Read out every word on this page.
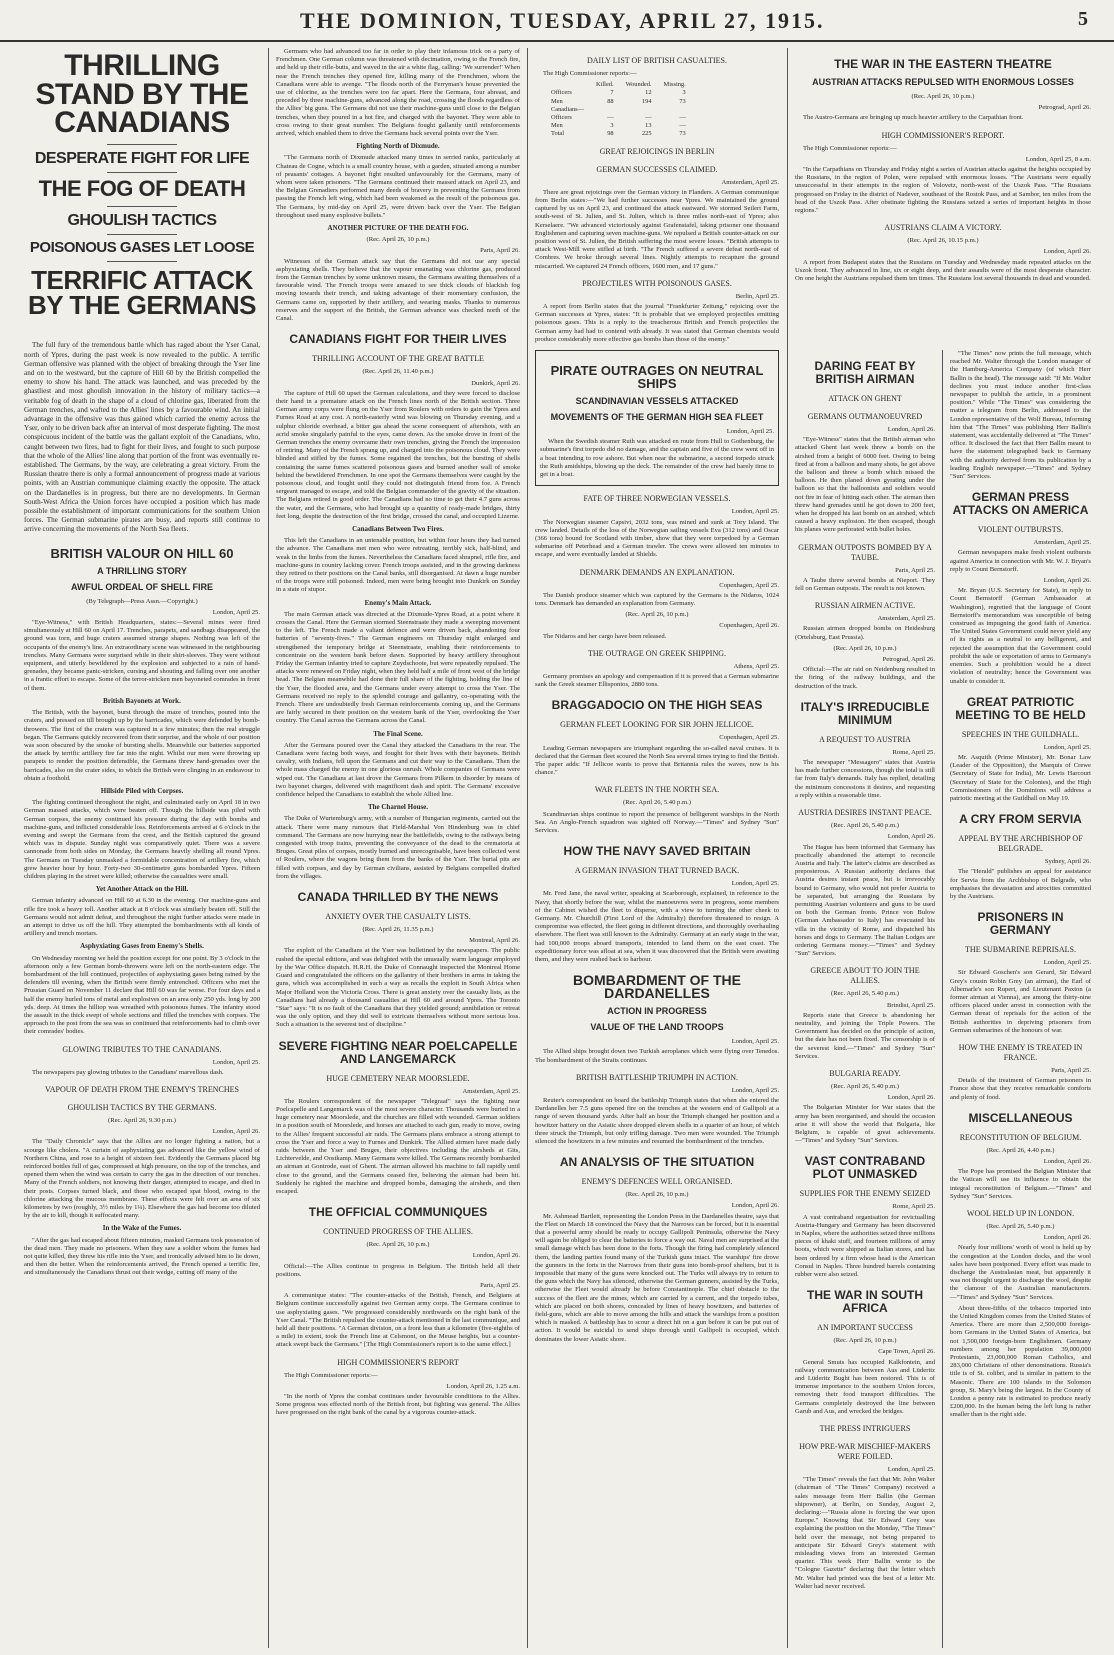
THE DOMINION, TUESDAY, APRIL 27, 1915.	5
THRILLING STAND BY THE CANADIANS
DESPERATE FIGHT FOR LIFE
THE FOG OF DEATH
GHOULISH TACTICS
POISONOUS GASES LET LOOSE
TERRIFIC ATTACK BY THE GERMANS

The full fury of the tremendous battle which has raged about the Yser Canal, north of Ypres, during the past week is now revealed to the public. A terrific German offensive was planned with the object of breaking through the Yser line and on to the westward, but the capture of Hill 60 by the British compelled the enemy to show his hand. The attack was launched, and was preceded by the ghastliest and most ghoulish innovation in the history of military tactics—a veritable fog of death in the shape of a cloud of chlorine gas, liberated from the German trenches, and wafted to the Allies' lines by a favourable wind. An initial advantage in the offensive was thus gained which carried the enemy across the Yser, only to be driven back after an interval of most desperate fighting. The most conspicuous incident of the battle was the gallant exploit of the Canadians, who, caught between two fires, had to fight for their lives, and fought to such purpose that the whole of the Allies' line along that portion of the front was eventually re-established. The Germans, by the way, are celebrating a great victory. From the Russian theatre there is only a formal announcement of progress made at various points, with an Austrian communique claiming exactly the opposite. The attack on the Dardanelles is in progress, but there are no developments. In German South-West Africa the Union forces have occupied a position which has made possible the establishment of important communications for the southern Union forces. The German submarine pirates are busy, and reports still continue to arrive concerning the movements of the North Sea fleets.

BRITISH VALOUR ON HILL 60
A THRILLING STORY
AWFUL ORDEAL OF SHELL FIRE
(By Telegraph—Press Assn.—Copyright.)
London, April 25.

"Eye-Witness," with British Headquarters, states:—Several mines were fired simultaneously at Hill 60 on April 17. Trenches, parapets, and sandbags disappeared, the ground was torn, and huge craters assumed strange shapes. Nothing was left of the occupants of the enemy's line. An extraordinary scene was witnessed in the neighbouring trenches. Many Germans were surprised while in their shirt-sleeves. They were without equipment, and utterly bewildered by the explosion and subjected to a rain of hand-grenades, they became panic-stricken, cursing and shouting and falling over one another in a frantic effort to escape. Some of the terror-stricken men bayoneted comrades in front of them.

British Bayonets at Work.

The British, with the bayonet, burst through the maze of trenches, poured into the craters, and pressed on till brought up by the barricades, which were defended by bomb-throwers. The first of the craters was captured in a few minutes; then the real struggle began. The Germans quickly recovered from their surprise, and the whole of our position was soon obscured by the smoke of bursting shells. Meanwhile our batteries supported the attack by terrific artillery fire far into the night. Whilst our men were throwing up parapets to render the position defensible, the Germans threw hand-grenades over the barricades, also on the crater sides, to which the British were clinging in an endeavour to obtain a foothold.

Hillside Piled with Corpses.

The fighting continued throughout the night, and culminated early on April 18 in two German massed attacks, which were beaten off. Though the hillside was piled with German corpses, the enemy continued his pressure during the day with bombs and machine-guns, and inflicted considerable loss. Reinforcements arrived at 6 o'clock in the evening and swept the Germans from the crest, and the British captured the ground which was in dispute. Sunday night was comparatively quiet. There was a severe cannonade from both sides on Monday, the Germans heavily shelling all round Ypres. The Germans on Tuesday unmasked a formidable concentration of artillery fire, which grew heavier hour by hour. Forty-two 30-centimetre guns bombarded Ypres. Fifteen children playing in the street were killed; otherwise the casualties were small.

Yet Another Attack on the Hill.

German infantry advanced on Hill 60 at 6.30 in the evening. Our machine-guns and rifle fire took a heavy toll. Another attack at 8 o'clock was similarly beaten off. Still the Germans would not admit defeat, and throughout the night further attacks were made in an attempt to drive us off the hill. They attempted the bombardments with all kinds of artillery and trench mortars.

Asphyxiating Gases from Enemy's Shells.

On Wednesday morning we held the position except for one point. By 3 o'clock in the afternoon only a few German bomb-throwers were left on the north-eastern edge. The bombardment of the hill continued, projectiles of asphyxiating gases being rained by the defenders till evening, when the British were firmly entrenched. Officers who met the Prussian Guard on November 11 declare that Hill 60 was far worse. For four days and a half the enemy hurled tons of metal and explosives on an area only 250 yds. long by 200 yds. deep. At times the hilltop was wreathed with poisonous fumes. The infantry stood the assault in the thick swept of whole sections and filled the trenches with corpses. The approach to the post from the sea was so continued that reinforcements had to climb over their comrades' bodies.

GLOWING TRIBUTES TO THE CANADIANS.
London, April 25.

The newspapers pay glowing tributes to the Canadians' marvellous dash.

VAPOUR OF DEATH FROM THE ENEMY'S TRENCHES
GHOULISH TACTICS BY THE GERMANS.
(Rec. April 26, 9.30 p.m.)
London, April 26.

The "Daily Chronicle" says that the Allies are no longer fighting a nation, but a scourge like cholera. "A curtain of asphyxiating gas advanced like the yellow wind of Northern China, and rose to a height of sixteen feet. Evidently the Germans placed big reinforced bottles full of gas, compressed at high pressure, on the top of the trenches, and opened them when the wind was certain to carry the gas in the direction of our trenches. Many of the French soldiers, not knowing their danger, attempted to escape, and died in their posts. Corpses turned black, and those who escaped spat blood, owing to the chlorine attacking the mucous membrane. These effects were felt over an area of six kilometres by two (roughly, 3½ miles by 1¼). Elsewhere the gas had become too diluted by the air to kill, though it suffocated many.

In the Wake of the Fumes.

"After the gas had escaped about fifteen minutes, masked Germans took possession of the dead men. They made no prisoners. When they saw a soldier whom the fumes had not quite killed, they threw his rifle into the Yser, and ironically advised him to lie down, and then die better. When the reinforcements arrived, the French opened a terrific fire, and simultaneously the Canadians thrust out their wedge, cutting off many of the

Germans who had advanced too far in order to play their infamous trick on a party of Frenchmen. One German column was threatened with decimation, owing to the French fire, and held up their rifle-butts, and waved in the air a white flag, calling: 'We surrender!' When near the French trenches they opened fire, killing many of the Frenchmen, whom the Canadians were able to avenge. "The floods north of the Ferryman's house prevented the use of chlorine, as the trenches were too far apart. Here the Germans, four abreast, and preceded by three machine-guns, advanced along the road, crossing the floods regardless of the Allies' big guns. The Germans did not use their machine-guns until close to the Belgian trenches, when they poured in a hot fire, and charged with the bayonet. They were able to cross owing to their great number. The Belgians fought gallantly until reinforcements arrived, which enabled them to drive the Germans back several points over the Yser.

Fighting North of Dixmude.

"The Germans north of Dixmude attacked many times in serried ranks, particularly at Chateau de Cogne, which is a small country house, with a garden, situated among a number of peasants' cottages. A bayonet fight resulted unfavourably for the Germans, many of whom were taken prisoners. "The Germans continued their massed attack on April 23, and the Belgian Grenadiers performed many deeds of bravery in preventing the Germans from passing the French left wing, which had been weakened as the result of the poisonous gas. The Germans, by mid-day on April 25, were driven back over the Yser. The Belgian throughout used many explosive bullets."

ANOTHER PICTURE OF THE DEATH FOG.
(Rec. April 26, 10 p.m.)
Paris, April 26.

Witnesses of the German attack say that the Germans did not use any special asphyxiating shells. They believe that the vapour emanating was chlorine gas, produced from the German trenches by some unknown means, the Germans awaiting themselves of a favourable wind. The French troops were amazed to see thick clouds of blackish fog moving towards their trench, and taking advantage of their momentary confusion, the Germans came on, supported by their artillery, and wearing masks. Thanks to numerous reserves and the support of the British, the German advance was checked north of the Canal.

CANADIANS FIGHT FOR THEIR LIVES
THRILLING ACCOUNT OF THE GREAT BATTLE
(Rec. April 26, 11.40 p.m.)
Dunkirk, April 26.

The capture of Hill 60 upset the German calculations, and they were forced to disclose their hand in a premature attack on the French lines north of the British section. Three German army corps were flung on the Yser from Roulers with orders to gain the Ypres and Furnes Road at any cost. A north-easterly wind was blowing on Thursday evening, and a sulphur chloride overhead, a bitter gas ahead the scene consequent of aftershots, with an acrid smoke singularly painful to the eyes, came down. As the smoke drove in front of the German trenches the enemy overcame their own trenches, giving the French the impression of retiring. Many of the French sprang up, and charged into the poisonous cloud. They were blinded and stifled by the fumes. Some regained the trenches, but the bursting of shells containing the same fumes scattered poisonous gases and burned another wall of smoke behind the bewildered Frenchmen. In one spot the Germans themselves were caught by the poisonous cloud, and fought until they could not distinguish friend from foe. A French sergeant managed to escape, and told the Belgian commander of the gravity of the situation. The Belgians retired in good order. The Canadians had no time to get their 4.7 guns across the water, and the Germans, who had brought up a quantity of ready-made bridges, thirty feet long, despite the destruction of the first bridge, crossed the canal, and occupied Lizerne.

Canadians Between Two Fires.

This left the Canadians in an untenable position, but within four hours they had turned the advance. The Canadians met men who were retreating, terribly sick, half-blind, and weak in the limbs from the fumes. Nevertheless the Canadians faced shrapnel, rifle fire, and machine-guns in country lacking cover. French troops assisted, and in the growing darkness they retired to their positions on the Canal banks, still disorganised. At dawn a huge number of the troops were still poisoned. Indeed, men were being brought into Dunkirk on Sunday in a state of stupor.

Enemy's Main Attack.

The main German attack was directed at the Dixmude-Ypres Road, at a point where it crosses the Canal. Here the German stormed Steenstraate they made a sweeping movement to the left. The French made a valiant defence and were driven back, abandoning four batteries of "seventy-fives." The German engineers on Thursday night enlarged and strengthened the temporary bridge at Steenstraate, enabling their reinforcements to concentrate on the western bank before dawn. Supported by heavy artillery throughout Friday the German infantry tried to capture Zuydschoote, but were repeatedly repulsed. The attacks were renewed on Friday night, when they held half a mile of front west of the bridge head. The Belgian meanwhile had done their full share of the fighting, holding the line of the Yser, the flooded area, and the Germans under every attempt to cross the Yser. The Germans received no reply to the splendid courage and gallantry, co-operating with the French. There are undoubtedly fresh German reinforcements coming up, and the Germans are fairly secured in their position on the western bank of the Yser, overlooking the Yser country. The Canal across the Germans across the Canal.

The Final Scene.

After the Germans poured over the Canal they attacked the Canadians in the rear. The Canadians were facing both ways, and fought for their lives with their bayonets. British cavalry, with Indians, fell upon the Germans and cut their way to the Canadians. Then the whole mass charged the enemy in one glorious onrush. Whole companies of Germans were wiped out. The Canadians at last drove the Germans from Pilkem in disorder by means of two bayonet charges, delivered with magnificent dash and spirit. The Germans' excessive confidence helped the Canadians to establish the whole Allied line.

The Charnel House.

The Duke of Wurtemburg's army, with a number of Hungarian regiments, carried out the attack. There were many rumours that Field-Marshal Von Hindenburg was in chief command. The Germans are now hurrying near the battlefields, owing to the railways being congested with troop trains, preventing the conveyance of the dead to the crematoria at Bruges. Great piles of corpses, mostly burned and unrecognisable, have been collected west of Roulers, where the wagons bring them from the banks of the Yser. The burial pits are filled with corpses, and day by German civilians, assisted by Belgians compelled drafted from the villages.

CANADA THRILLED BY THE NEWS
ANXIETY OVER THE CASUALTY LISTS.
(Rec. April 26, 11.35 p.m.)
Montreal, April 26.

The exploit of the Canadians at the Yser was bulletined by the newspapers. The public rushed the special editions, and was delighted with the unusually warm language employed by the War Office dispatch. H.R.H. the Duke of Connaught inspected the Montreal Home Guard and congratulated the officers on the gallantry of their brothers in arms in taking the guns, which was accomplished in such a way as recalls the exploit in South Africa when Major Holland won the Victoria Cross. There is great anxiety over the casualty lists, as the Canadians had already a thousand casualties at Hill 60 and around Ypres. The Toronto "Star" says: "It is no fault of the Canadians that they yielded ground; annihilation or retreat was the only option, and they did well to extricate themselves without more serious loss. Such a situation is the severest test of discipline."

SEVERE FIGHTING NEAR POELCAPELLE AND LANGEMARCK
HUGE CEMETERY NEAR MOORSLEDE.
Amsterdam, April 25.

The Roulers correspondent of the newspaper "Telegraaf" says the fighting near Poelcapelle and Langemarck was of the most severe character. Thousands were buried in a huge cemetery near Moorslede, and the churches are filled with wounded. German soldiers in a position south of Moorslede, and horses are attached to each gun, ready to move, owing to the Allies' frequent successful air raids. The Germans plans embrace a strong attempt to cross the Yser and force a way to Furnes and Dunkirk. The Allied airmen have made daily raids between the Yser and Bruges, their objectives including the airsheds at Gits, Lichtervelde, and Oostkamp. Many Germans were killed. The Germans recently bombarded an airman at Gontrode, east of Ghent. The airman allowed his machine to fall rapidly until close to the ground, and the Germans ceased fire, believing the airman had been hit. Suddenly he righted the machine and dropped bombs, damaging the airsheds, and then escaped.

THE OFFICIAL COMMUNIQUES
CONTINUED PROGRESS OF THE ALLIES.
(Rec. April 26, 10 p.m.)
London, April 26.

Official:—The Allies continue to progress in Belgium. The British held all their positions.

Paris, April 25.

A communique states: "The counter-attacks of the British, French, and Belgians at Belgium continue successfully against two German army corps. The Germans continue to use asphyxiating gases. "We progressed considerably northwards on the right bank of the Yser Canal. "The British repulsed the counter-attack mentioned in the last communique, and held all their positions. "A German division, on a front less than a kilometre (five-eighths of a mile) in extent, took the French line at Celsmont, on the Meuse heights, but a counter-attack swept back the Germans." [The High Commissioner's report is to the same effect.]

HIGH COMMISSIONER'S REPORT

The High Commissioner reports:—

London, April 26, 1.25 a.m.

"In the north of Ypres the combat continues under favourable conditions to the Allies. Some progress was effected north of the British front, but fighting was general. The Allies have progressed on the right bank of the canal by a vigorous counter-attack.

DAILY LIST OF BRITISH CASUALTIES.

The High Commissioner reports:—

	Killed.	Wounded.	Missing.
Officers	7	12	3
Men	88	194	73
Canadians—			
Officers	—	—	—
Men	3	13	—
Total	98	225	73
GREAT REJOICINGS IN BERLIN
GERMAN SUCCESSES CLAIMED.
Amsterdam, April 25.

There are great rejoicings over the German victory in Flanders. A German communique from Berlin states:—"We had further successes near Ypres. We maintained the ground captured by us on April 23, and continued the attack eastward. We stormed Seilert Farm, south-west of St. Julien, and St. Julien, which is three miles north-east of Ypres; also Kerselaere. "We advanced victoriously against Grafenstafel, taking prisoner one thousand Englishmen and capturing seven machine-guns. We repulsed a British counter-attack on our position west of St. Julien, the British suffering the most severe losses. "British attempts to attack West-Mill were stifled at birth. "The French suffered a severe defeat north-east of Combres. We broke through several lines. Nightly attempts to recapture the ground miscarried. We captured 24 French officers, 1600 men, and 17 guns."

PROJECTILES WITH POISONOUS GASES.
Berlin, April 25.

A report from Berlin states that the journal "Frankfurter Zeitung," rejoicing over the German successes at Ypres, states: "It is probable that we employed projectiles emitting poisonous gases. This is a reply to the treacherous British and French projectiles the German army had had to contend with already. It was stated that German chemists would produce considerably more effective gas bombs than those of the enemy."

PIRATE OUTRAGES ON NEUTRAL SHIPS
SCANDINAVIAN VESSELS ATTACKED
MOVEMENTS OF THE GERMAN HIGH SEA FLEET
London, April 25.

When the Swedish steamer Ruth was attacked en route from Hull to Gothenburg, the submarine's first torpedo did no damage, and the captain and five of the crew went off in a boat intending to row ashore. But when near the submarine, a second torpedo struck the Ruth amidships, blowing up the deck. The remainder of the crew had barely time to get in a boat.

FATE OF THREE NORWEGIAN VESSELS.
London, April 25.

The Norwegian steamer Capsivi, 2032 tons, was mined and sunk at Tory Island. The crew landed. Details of the loss of the Norwegian sailing vessels Eva (312 tons) and Oscar (366 tons) bound for Scotland with timber, show that they were torpedoed by a German submarine off Peterhead and a German trawler. The crews were allowed ten minutes to escape, and were eventually landed at Shields.

DENMARK DEMANDS AN EXPLANATION.
Copenhagen, April 25.

The Danish produce steamer which was captured by the Germans is the Nidaros, 1024 tons. Denmark has demanded an explanation from Germany.

(Rec. April 26, 10 p.m.)
Copenhagen, April 26.

The Nidaros and her cargo have been released.

THE OUTRAGE ON GREEK SHIPPING.
Athens, April 25.

Germany promises an apology and compensation if it is proved that a German submarine sank the Greek steamer Ellispontos, 2880 tons.

BRAGGADOCIO ON THE HIGH SEAS
GERMAN FLEET LOOKING FOR SIR JOHN JELLICOE.
Copenhagen, April 25.

Leading German newspapers are triumphant regarding the so-called naval cruises. It is declared that the German fleet scoured the North Sea several times trying to find the British. The paper adds: "If Jellicoe wants to prove that Britannia rules the waves, now is his chance."

WAR FLEETS IN THE NORTH SEA.
(Rec. April 26, 5.40 p.m.)

Scandinavian ships continue to report the presence of belligerent warships in the North Sea. An Anglo-French squadron was sighted off Norway.—"Times" and Sydney "Sun" Services.

HOW THE NAVY SAVED BRITAIN
A GERMAN INVASION THAT TURNED BACK.
London, April 25.

Mr. Fred Jane, the naval writer, speaking at Scarborough, explained, in reference to the Navy, that shortly before the war, whilst the manoeuvres were in progress, some members of the Cabinet wished the fleet to disperse, with a view to turning the other cheek to Germany. Mr. Churchill (First Lord of the Admiralty) therefore threatened to resign. A compromise was effected, the fleet going in different directions, and thoroughly overhauling elsewhere. The fleet was still known to the Admiralty. Germany at an early stage in the war, had 100,000 troops aboard transports, intended to land them on the east coast. The expeditionary force was afloat at sea, when it was discovered that the British were awaiting them, and they were rushed back to harbour.

BOMBARDMENT OF THE DARDANELLES
ACTION IN PROGRESS
VALUE OF THE LAND TROOPS
London, April 25.

The Allied ships brought down two Turkish aeroplanes which were flying over Tenedos. The bombardment of the Straits continues.

BRITISH BATTLESHIP TRIUMPH IN ACTION.
London, April 25.

Reuter's correspondent on board the battleship Triumph states that when she entered the Dardanelles her 7.5 guns opened fire on the trenches at the western end of Gallipoli at a range of seven thousand yards. After half an hour the Triumph changed her position and a howitzer battery on the Asiatic shore dropped eleven shells in a quarter of an hour, of which three struck the Triumph, but only trifling damage. Two men were wounded. The Triumph silenced the howitzers in a few minutes and resumed the bombardment of the trenches.

AN ANALYSIS OF THE SITUATION
ENEMY'S DEFENCES WELL ORGANISED.
(Rec. April 26, 10 p.m.)
London, April 26.

Mr. Ashmead Bartlett, representing the London Press in the Dardanelles theatre, says that the Fleet on March 18 convinced the Navy that the Narrows can be forced, but it is essential that a powerful army should be ready to occupy Gallipoli Peninsula, otherwise the Navy will again be obliged to clear the batteries to force a way out. Naval men are surprised at the small damage which has been done to the forts. Though the firing had completely silenced them, the landing parties found many of the Turkish guns intact. The warships' fire drove the gunners in the forts in the Narrows from their guns into bomb-proof shelters, but it is impossible that many of the guns were knocked out. The Turks will always try to return to the guns which the Navy has silenced, otherwise the German gunners, assisted by the Turks, otherwise the Fleet would already be before Constantinople. The chief obstacle to the success of the fleet are the mines, which are carried by a current, and the torpedo tubes, which are placed on both shores, concealed by lines of heavy howitzers, and batteries of field-guns, which are able to move among the hills and attack the warships from a position which is masked. A battleship has to scour a direct hit on a gun before it can be put out of action. It would be suicidal to send ships through until Gallipoli is occupied, which dominates the lower Asiatic shore.

THE WAR IN THE EASTERN THEATRE
AUSTRIAN ATTACKS REPULSED WITH ENORMOUS LOSSES
(Rec. April 26, 10 p.m.)
Petrograd, April 26.

The Austro-Germans are bringing up much heavier artillery to the Carpathian front.

HIGH COMMISSIONER'S REPORT.

The High Commissioner reports:—

London, April 25, 8 a.m.

"In the Carpathians on Thursday and Friday night a series of Austrian attacks against the heights occupied by the Russians, in the region of Polen, were repulsed with enormous losses. "The Austrians were equally unsuccessful in their attempts in the region of Volovetz, north-west of the Uszok Pass. "The Russians progressed on Friday in the district of Nadever, southeast of the Rostok Pass, and at Sambor, ten miles from the head of the Uszok Pass. After obstinate fighting the Russians seized a series of important heights in those regions."

AUSTRIANS CLAIM A VICTORY.
(Rec. April 26, 10.15 p.m.)
London, April 26.

A report from Budapest states that the Russians on Tuesday and Wednesday made repeated attacks on the Uszok front. They advanced in line, six or eight deep, and their assaults were of the most desperate character. On one height the Austrians repulsed them ten times. The Russians lost several thousands in dead and wounded.

DARING FEAT BY BRITISH AIRMAN
ATTACK ON GHENT
GERMANS OUTMANOEUVRED
London, April 26.

"Eye-Witness" states that the British airman who attacked Ghent last week threw a bomb on the airshed from a height of 6000 feet. Owing to being fired at from a balloon and many shots, he got above the balloon and threw a bomb which missed the balloon. He then planed down gyrating under the balloon so that the balloonists and soldiers would not fire in fear of hitting each other. The airman then threw hand grenades until he got down to 200 feet, when he dropped his last bomb on an airshed, which caused a heavy explosion. He then escaped, though his planes were perforated with bullet holes.

GERMAN OUTPOSTS BOMBED BY A TAUBE.
Paris, April 25.

A Taube threw several bombs at Nieport. They fell on German outposts. The result is not known.

RUSSIAN AIRMEN ACTIVE.
Amsterdam, April 25.

Russian airmen dropped bombs on Heidesburg (Ortelsburg, East Prussia).

(Rec. April 26, 10 p.m.)
Petrograd, April 26.

Official:—The air raid on Neidenburg resulted in the firing of the railway buildings, and the destruction of the track.

ITALY'S IRREDUCIBLE MINIMUM
A REQUEST TO AUSTRIA
Rome, April 25.

The newspaper "Messagero" states that Austria has made further concessions, though the total is still far from Italy's demands. Italy has replied, detailing the minimum concessions it desires, and requesting a reply within a reasonable time.

AUSTRIA DESIRES INSTANT PEACE.
(Rec. April 26, 5.40 p.m.)
London, April 26.

The Hague has been informed that Germany has practically abandoned the attempt to reconcile Austria and Italy. The latter's claims are described as preposterous. A Russian authority declares that Austria desires instant peace, but is irrevocably bound to Germany, who would not prefer Austria to be separated, but arranging the Russians by permitting Austrian volunteers and guns to be used on both the German fronts. Prince von Bulow (German Ambassador to Italy) has evacuated his villa in the vicinity of Rome, and dispatched his horses and dogs to Germany. The Italian Lodges are ordering Germans money.—"Times" and Sydney "Sun" Services.

GREECE ABOUT TO JOIN THE ALLIES.
(Rec. April 26, 5.40 p.m.)
Brindisi, April 25.

Reports state that Greece is abandoning her neutrality, and joining the Triple Powers. The Government has decided on the principle of action, but the date has not been fixed. The censorship is of the severest kind.—"Times" and Sydney "Sun" Services.

BULGARIA READY.
(Rec. April 26, 5.40 p.m.)
London, April 26.

The Bulgarian Minister for War states that the army has been reorganised, and should the occasion arise it will show the world that Bulgaria, like Belgium, is capable of great achievements.—"Times" and Sydney "Sun" Services.

VAST CONTRABAND PLOT UNMASKED
SUPPLIES FOR THE ENEMY SEIZED
Rome, April 25.

A vast contraband organisation for revictualling Austria-Hungary and Germany has been discovered in Naples, where the authorities seized three millions pieces of khaki stuff, and fourteen millions of army boots, which were shipped as Italian stores, and has been ordered by a firm whose head is the American Consul in Naples. Three hundred barrels containing rubber were also seized.

THE WAR IN SOUTH AFRICA
AN IMPORTANT SUCCESS
(Rec. April 26, 10 p.m.)
Cape Town, April 26.

General Smuts has occupied Kalkfontein, and railway communication between Aus and Lüderitz and Lüderitz Bught has been restored. This is of immense importance to the southern Union forces, removing their food transport difficulties. The Germans completely destroyed the line between Garub and Aus, and wrecked the bridges.

THE PRESS INTRIGUERS
HOW PRE-WAR MISCHIEF-MAKERS WERE FOILED.
London, April 25.

"The Times" reveals the fact that Mr. John Walter (chairman of "The Times" Company) received a sales message from Herr Ballin (the German shipowner), at Berlin, on Sunday, August 2, declaring:—"Russia alone is forcing the war upon Europe." Knowing that Sir Edward Grey was explaining the position on the Monday, "The Times" held over the message, not being prepared to anticipate Sir Edward Grey's statement with misleading views from an interested German quarter. This week Herr Ballin wrote to the "Cologne Gazette" declaring that the letter which Mr. Walter had printed was the best of a letter Mr. Walter had never received.

"The Times" now prints the full message, which reached Mr. Walter through the London manager of the Hamburg-America Company (of which Herr Ballin is the head). The message said: "If Mr. Walter declines you must induce another first-class newspaper to publish the article, in a prominent position." While "The Times" was considering the matter a telegram from Berlin, addressed to the London representative of the Wolf Bureau, informing him that "The Times" was publishing Herr Ballin's statement, was accidentally delivered at "The Times" office. It disclosed the fact that Herr Ballin meant to have the statement telegraphed back to Germany with the authority derived from its publication by a leading English newspaper.—"Times" and Sydney "Sun" Services.

GERMAN PRESS ATTACKS ON AMERICA
VIOLENT OUTBURSTS.
Amsterdam, April 25.

German newspapers make fresh violent outbursts against America in connection with Mr. W. J. Bryan's reply to Count Bernstorff.

London, April 26.

Mr. Bryan (U.S. Secretary for State), in reply to Count Bernstorff (German Ambassador at Washington), regretted that the language of Count Bernstorff's memorandum was susceptible of being construed as impugning the good faith of America. The United States Government could never yield any of its rights as a neutral to any belligerent, and rejected the assumption that the Government could prohibit the sale or exportation of arms to Germany's enemies. Such a prohibition would be a direct violation of neutrality; hence the Government was unable to consider it.

GREAT PATRIOTIC MEETING TO BE HELD
SPEECHES IN THE GUILDHALL.
London, April 25.

Mr. Asquith (Prime Minister), Mr. Bonar Law (Leader of the Opposition), the Marquis of Crewe (Secretary of State for India), Mr. Lewis Harcourt (Secretary of State for the Colonies), and the High Commissioners of the Dominions will address a patriotic meeting at the Guildhall on May 19.

A CRY FROM SERVIA
APPEAL BY THE ARCHBISHOP OF BELGRADE.
Sydney, April 26.

The "Herald" publishes an appeal for assistance for Servia from the Archbishop of Belgrade, who emphasises the devastation and atrocities committed by the Austrians.

PRISONERS IN GERMANY
THE SUBMARINE REPRISALS.
London, April 25.

Sir Edward Goschen's son Gerard, Sir Edward Grey's cousin Robin Grey (an airman), the Earl of Albemarle's son Rupert, and Lieutenant Paxton (a former airman at Vienna), are among the thirty-nine officers placed under arrest in connection with the German threat of reprisals for the action of the British authorities in depriving prisoners from German submarines of the honours of war.

HOW THE ENEMY IS TREATED IN FRANCE.
Paris, April 25.

Details of the treatment of German prisoners in France show that they receive remarkable comforts and plenty of food.

MISCELLANEOUS
RECONSTITUTION OF BELGIUM.
(Rec. April 26, 4.40 p.m.)
London, April 26.

The Pope has promised the Belgian Minister that the Vatican will use its influence to obtain the integral reconstitution of Belgium.—"Times" and Sydney "Sun" Services.

WOOL HELD UP IN LONDON.
(Rec. April 26, 5.40 p.m.)
London, April 26.

Nearly four millions' worth of wool is held up by the congestion at the London docks, and the wool sales have been postponed. Every effort was made to discharge the Australasian meat, but apparently it was not thought urgent to discharge the wool, despite the clamour of the Australian manufacturers.—"Times" and Sydney "Sun" Services.

About three-fifths of the tobacco imported into the United Kingdom comes from the United States of America. There are more than 2,500,000 foreign-born Germans in the United States of America, but not 1,500,000 foreign-born Englishmen. Germany numbers among her population 39,000,000 Protestants, 23,000,000 Roman Catholics, and 283,000 Christians of other denominations. Russia's title is of St. colibri, and is similar in pattern to the Masonic. There are 100 islands in the Solomon group, St. Mary's being the largest. In the County of London a penny rate is estimated to produce nearly £200,000. In the human being the left lung is rather smaller than is the right side.
